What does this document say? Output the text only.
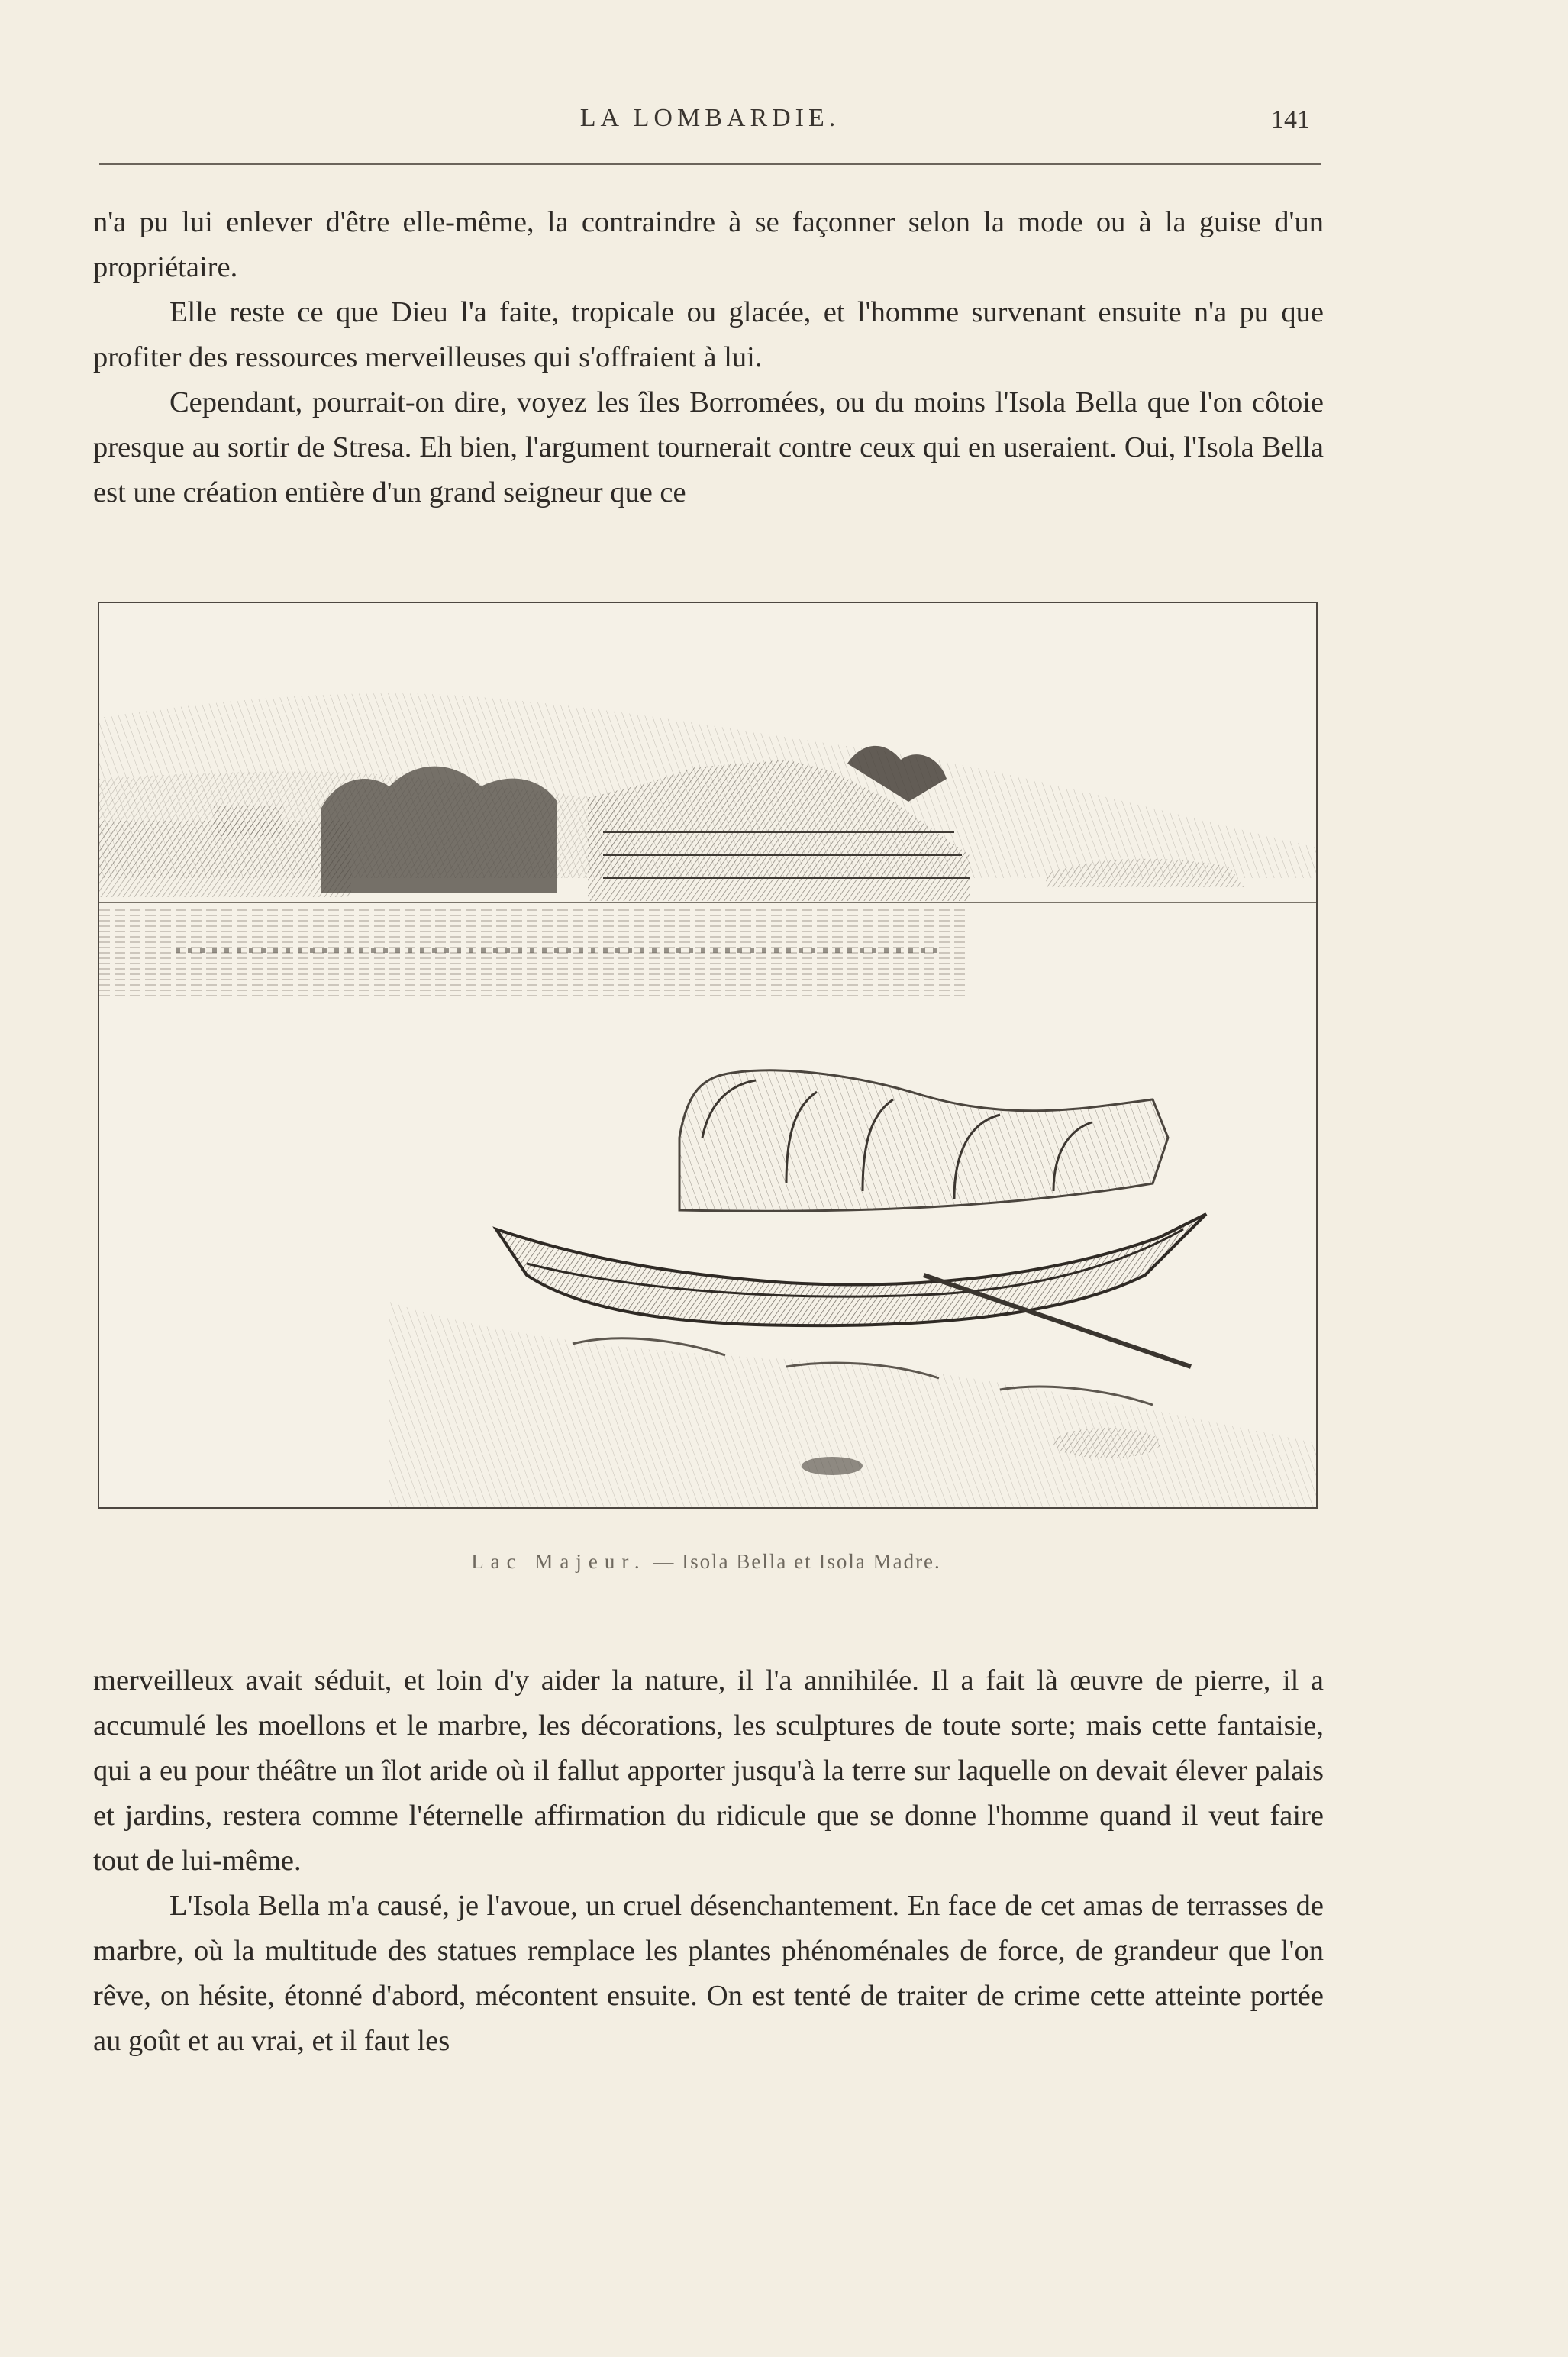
LA LOMBARDIE.	141

n'a pu lui enlever d'être elle-même, la contraindre à se façonner selon la mode ou à la guise d'un propriétaire.

Elle reste ce que Dieu l'a faite, tropicale ou glacée, et l'homme survenant ensuite n'a pu que profiter des ressources merveilleuses qui s'offraient à lui.

Cependant, pourrait-on dire, voyez les îles Borromées, ou du moins l'Isola Bella que l'on côtoie presque au sortir de Stresa. Eh bien, l'argument tournerait contre ceux qui en useraient. Oui, l'Isola Bella est une création entière d'un grand seigneur que ce

Lac Majeur. — Isola Bella et Isola Madre.

merveilleux avait séduit, et loin d'y aider la nature, il l'a annihilée. Il a fait là œuvre de pierre, il a accumulé les moellons et le marbre, les décorations, les sculptures de toute sorte; mais cette fantaisie, qui a eu pour théâtre un îlot aride où il fallut apporter jusqu'à la terre sur laquelle on devait élever palais et jardins, restera comme l'éternelle affirmation du ridicule que se donne l'homme quand il veut faire tout de lui-même.

L'Isola Bella m'a causé, je l'avoue, un cruel désenchantement. En face de cet amas de terrasses de marbre, où la multitude des statues remplace les plantes phénoménales de force, de grandeur que l'on rêve, on hésite, étonné d'abord, mécontent ensuite. On est tenté de traiter de crime cette atteinte portée au goût et au vrai, et il faut les
